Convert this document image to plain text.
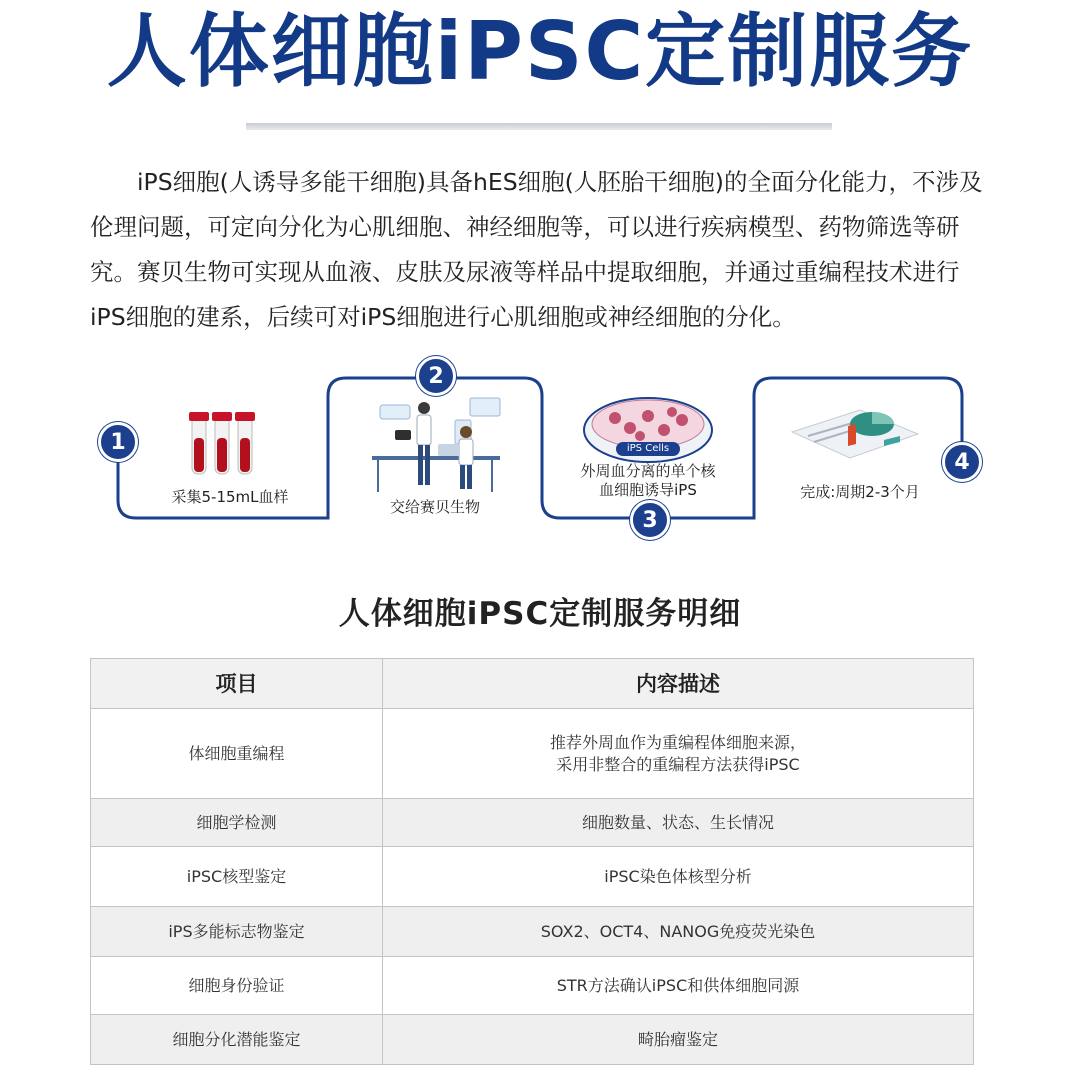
人体细胞iPSC定制服务

iPS细胞(人诱导多能干细胞)具备hES细胞(人胚胎干细胞)的全面分化能力，不涉及伦理问题，可定向分化为心肌细胞、神经细胞等，可以进行疾病模型、药物筛选等研究。赛贝生物可实现从血液、皮肤及尿液等样品中提取细胞，并通过重编程技术进行iPS细胞的建系，后续可对iPS细胞进行心肌细胞或神经细胞的分化。

1
2
3
4
采集5-15mL血样
交给赛贝生物
iPS Cells
外周血分离的单个核
血细胞诱导iPS	完成:周期2-3个月
人体细胞iPSC定制服务明细
项目	内容描述
体细胞重编程	推荐外周血作为重编程体细胞来源，
采用非整合的重编程方法获得iPSC
细胞学检测	细胞数量、状态、生长情况
iPSC核型鉴定	iPSC染色体核型分析
iPS多能标志物鉴定	SOX2、OCT4、NANOG免疫荧光染色
细胞身份验证	STR方法确认iPSC和供体细胞同源
细胞分化潜能鉴定	畸胎瘤鉴定
